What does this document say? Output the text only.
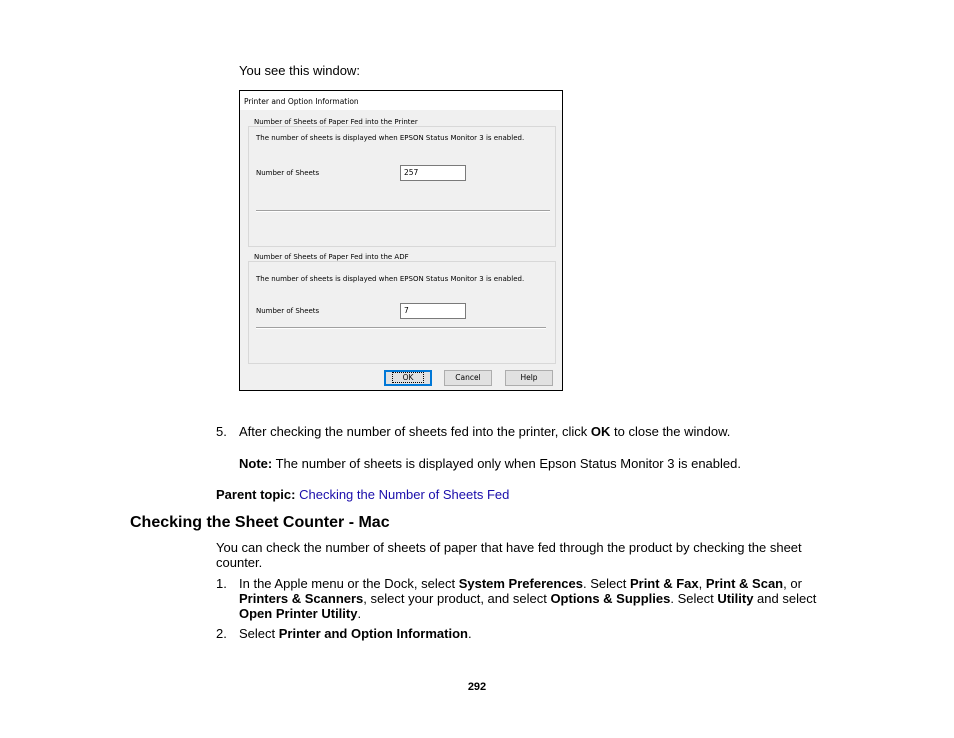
You see this window:
Printer and Option Information
Number of Sheets of Paper Fed into the Printer
The number of sheets is displayed when EPSON Status Monitor 3 is enabled.
Number of Sheets	257
Number of Sheets of Paper Fed into the ADF
The number of sheets is displayed when EPSON Status Monitor 3 is enabled.
Number of Sheets	7
OK	Cancel	Help
5. After checking the number of sheets fed into the printer, click OK to close the window.
Note: The number of sheets is displayed only when Epson Status Monitor 3 is enabled.
Parent topic: Checking the Number of Sheets Fed
Checking the Sheet Counter - Mac
You can check the number of sheets of paper that have fed through the product by checking the sheet counter.
1. In the Apple menu or the Dock, select System Preferences. Select Print & Fax, Print & Scan, or Printers & Scanners, select your product, and select Options & Supplies. Select Utility and select Open Printer Utility.
2. Select Printer and Option Information.
292
